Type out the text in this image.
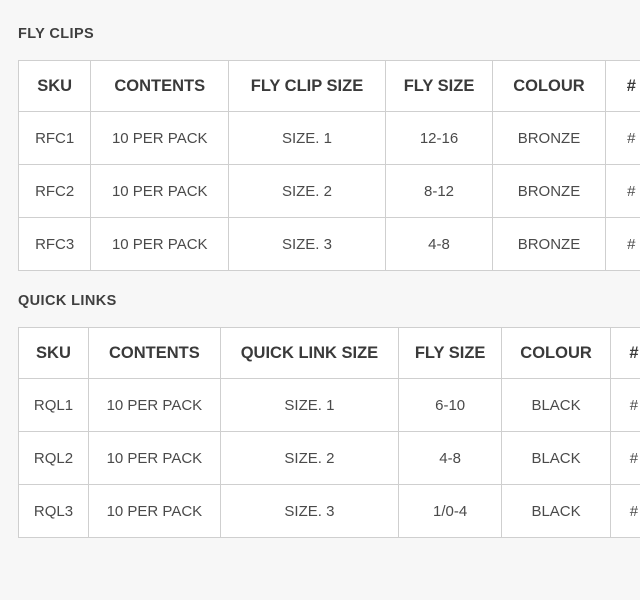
FLY CLIPS
SKU	CONTENTS	FLY CLIP SIZE	FLY SIZE	COLOUR	#
RFC1	10 PER PACK	SIZE. 1	12-16	BRONZE	#
RFC2	10 PER PACK	SIZE. 2	8-12	BRONZE	#
RFC3	10 PER PACK	SIZE. 3	4-8	BRONZE	#
QUICK LINKS
SKU	CONTENTS	QUICK LINK SIZE	FLY SIZE	COLOUR	#
RQL1	10 PER PACK	SIZE. 1	6-10	BLACK	#
RQL2	10 PER PACK	SIZE. 2	4-8	BLACK	#
RQL3	10 PER PACK	SIZE. 3	1/0-4	BLACK	#
